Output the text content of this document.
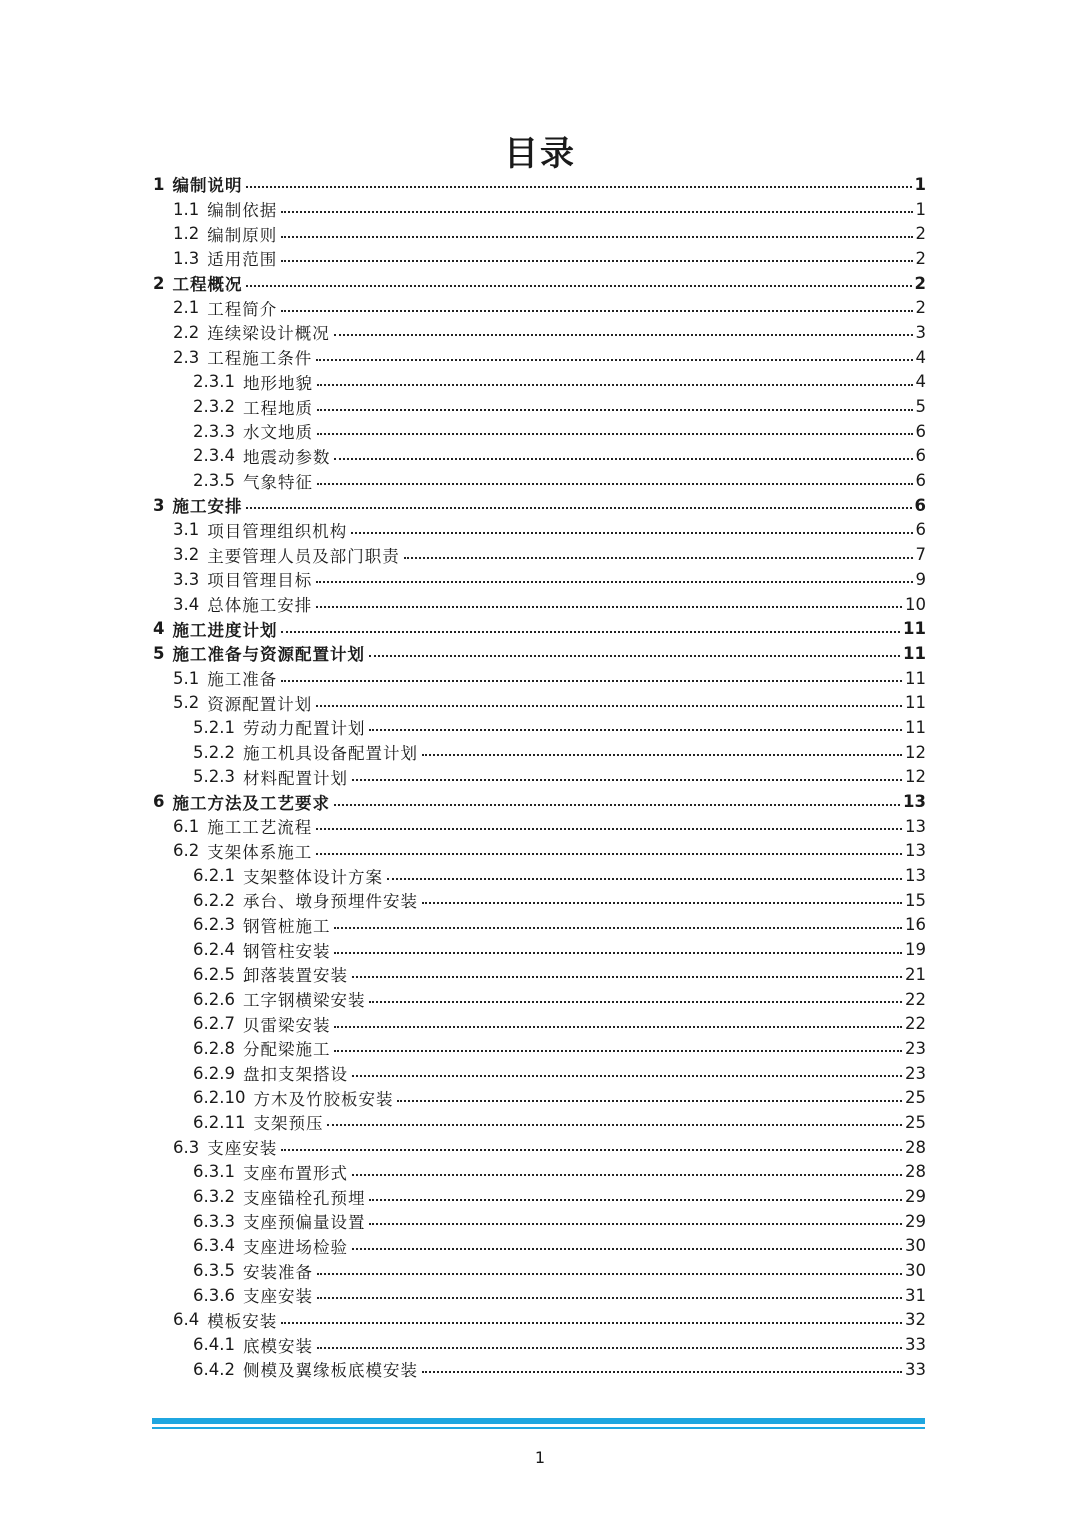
目录
1 编制说明	1
1.1 编制依据	1
1.2 编制原则	2
1.3 适用范围	2
2 工程概况	2
2.1 工程简介	2
2.2 连续梁设计概况	3
2.3 工程施工条件	4
2.3.1 地形地貌	4
2.3.2 工程地质	5
2.3.3 水文地质	6
2.3.4 地震动参数	6
2.3.5 气象特征	6
3 施工安排	6
3.1 项目管理组织机构	6
3.2 主要管理人员及部门职责	7
3.3 项目管理目标	9
3.4 总体施工安排	10
4 施工进度计划	11
5 施工准备与资源配置计划	11
5.1 施工准备	11
5.2 资源配置计划	11
5.2.1 劳动力配置计划	11
5.2.2 施工机具设备配置计划	12
5.2.3 材料配置计划	12
6 施工方法及工艺要求	13
6.1 施工工艺流程	13
6.2 支架体系施工	13
6.2.1 支架整体设计方案	13
6.2.2 承台、墩身预埋件安装	15
6.2.3 钢管桩施工	16
6.2.4 钢管柱安装	19
6.2.5 卸落装置安装	21
6.2.6 工字钢横梁安装	22
6.2.7 贝雷梁安装	22
6.2.8 分配梁施工	23
6.2.9 盘扣支架搭设	23
6.2.10 方木及竹胶板安装	25
6.2.11 支架预压	25
6.3 支座安装	28
6.3.1 支座布置形式	28
6.3.2 支座锚栓孔预埋	29
6.3.3 支座预偏量设置	29
6.3.4 支座进场检验	30
6.3.5 安装准备	30
6.3.6 支座安装	31
6.4 模板安装	32
6.4.1 底模安装	33
6.4.2 侧模及翼缘板底模安装	33
1
